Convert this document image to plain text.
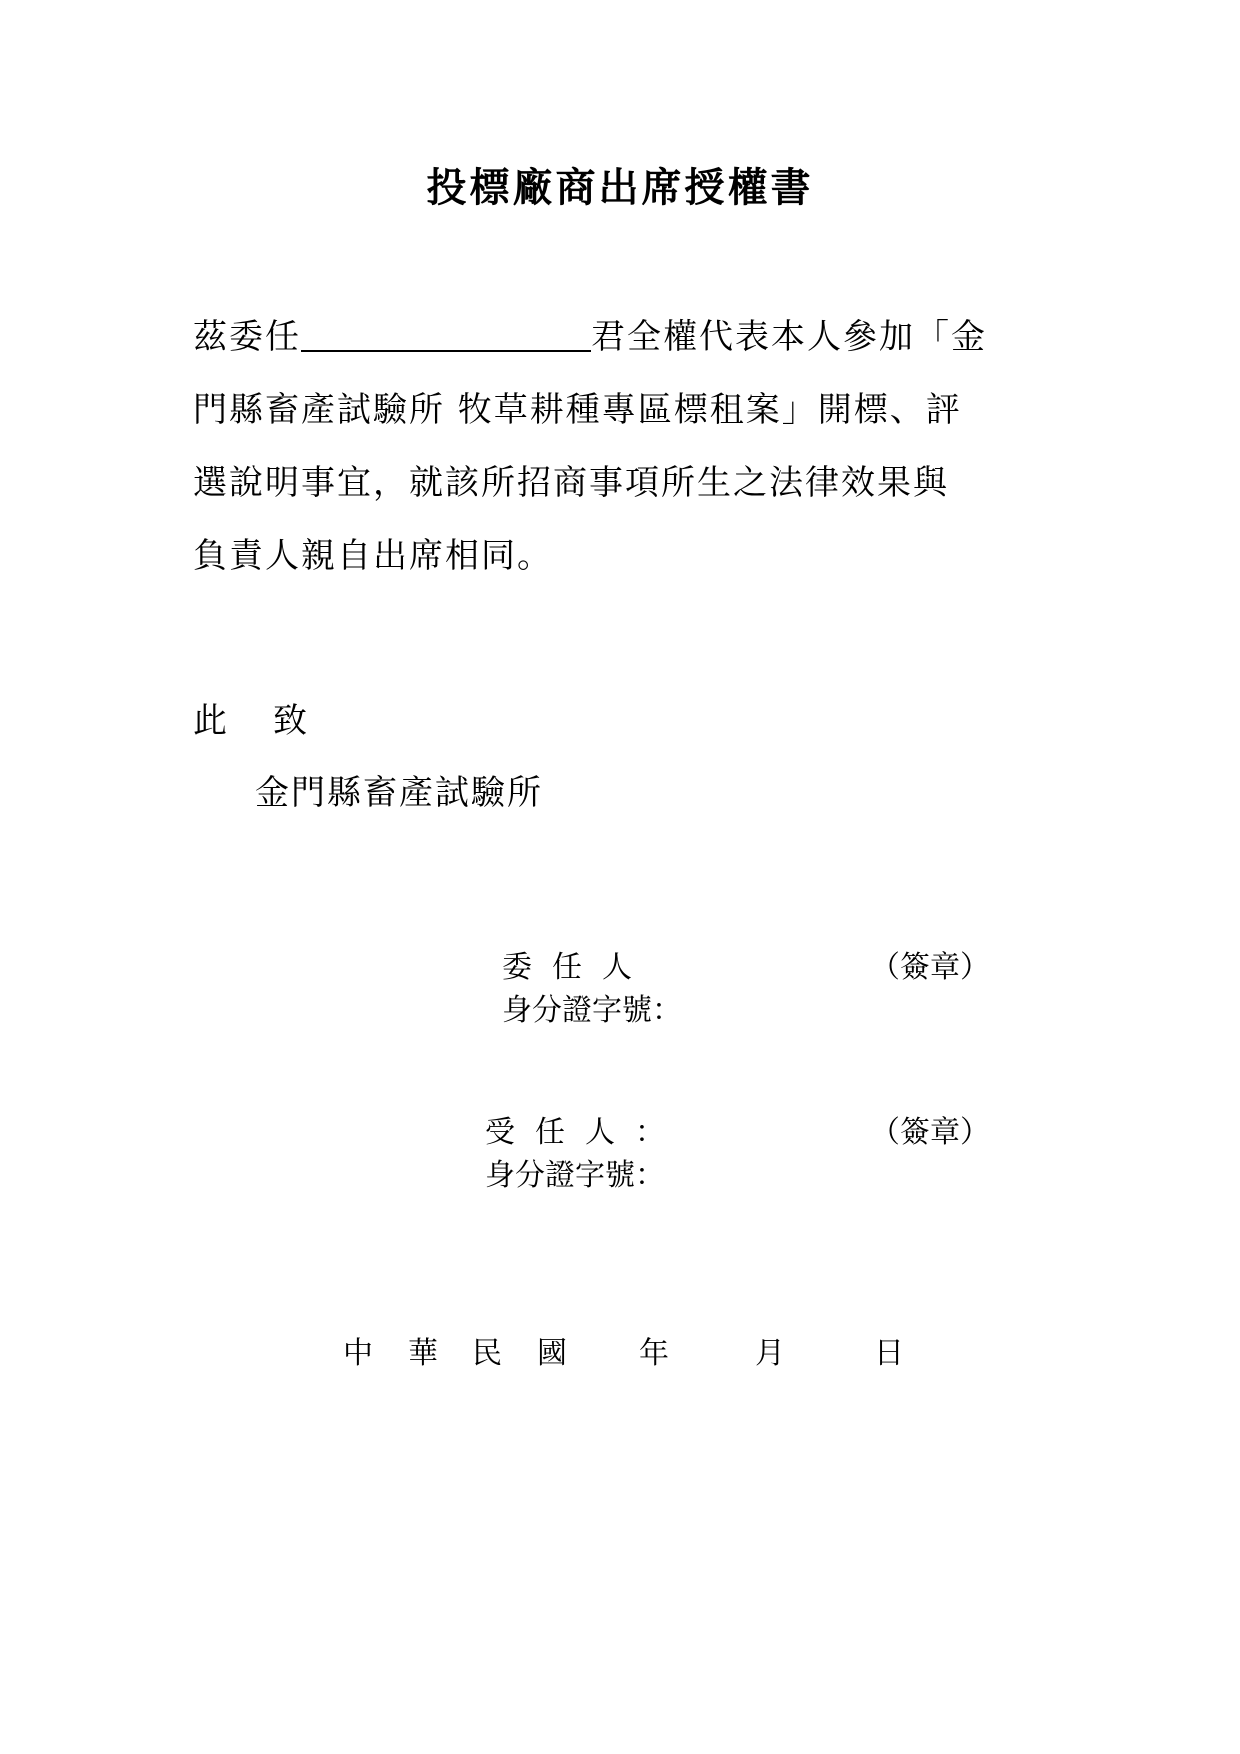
投標廠商出席授權書
茲委任	君全權代表本人參加「金
門縣畜產試驗所 牧草耕種專區標租案」開標、評
選說明事宜，就該所招商事項所生之法律效果與
負責人親自出席相同。
此 致
金門縣畜產試驗所
委任人	（簽章）
身分證字號：
受任人：	（簽章）
身分證字號：
中 華 民 國 年	月	日
